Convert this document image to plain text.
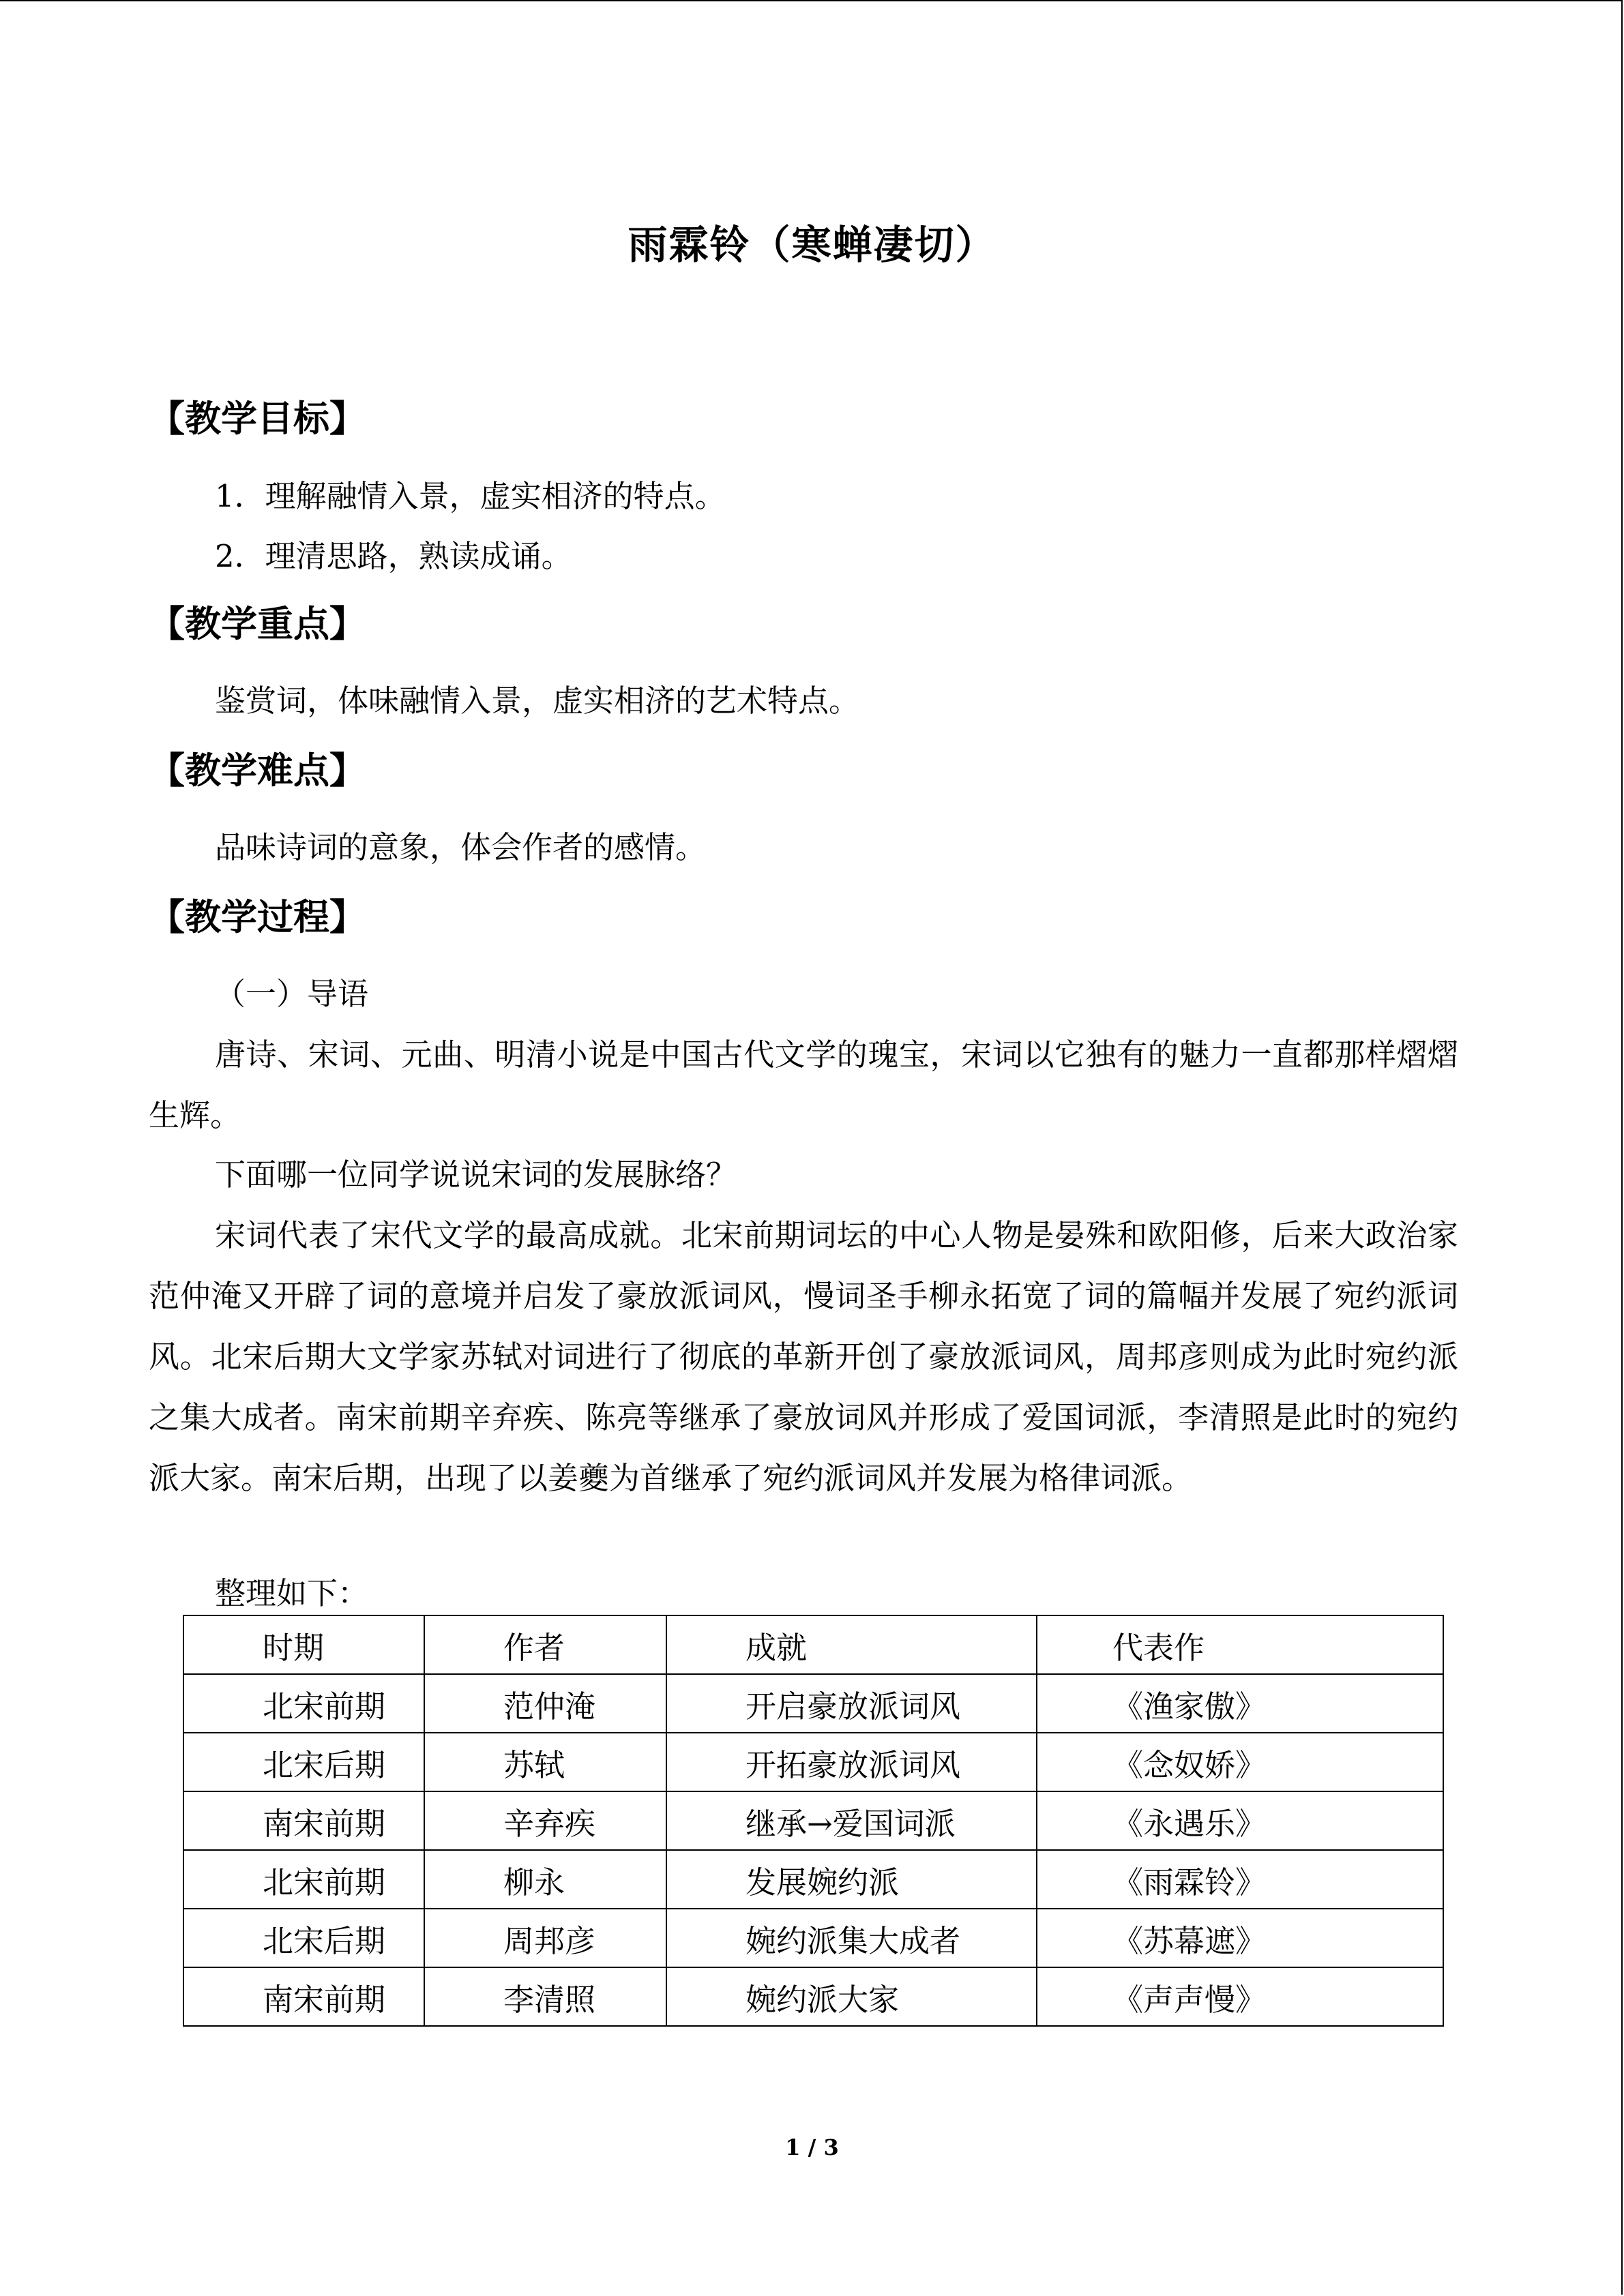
雨霖铃（寒蝉凄切）
【教学目标】
1．理解融情入景，虚实相济的特点。
2．理清思路，熟读成诵。
【教学重点】
鉴赏词，体味融情入景，虚实相济的艺术特点。
【教学难点】
品味诗词的意象，体会作者的感情。
【教学过程】
（一）导语
唐诗、宋词、元曲、明清小说是中国古代文学的瑰宝，宋词以它独有的魅力一直都那样熠熠生辉。
下面哪一位同学说说宋词的发展脉络？
宋词代表了宋代文学的最高成就。北宋前期词坛的中心人物是晏殊和欧阳修，后来大政治家范仲淹又开辟了词的意境并启发了豪放派词风，慢词圣手柳永拓宽了词的篇幅并发展了宛约派词风。北宋后期大文学家苏轼对词进行了彻底的革新开创了豪放派词风，周邦彦则成为此时宛约派之集大成者。南宋前期辛弃疾、陈亮等继承了豪放词风并形成了爱国词派，李清照是此时的宛约派大家。南宋后期，出现了以姜夔为首继承了宛约派词风并发展为格律词派。
整理如下：
时期	作者	成就	代表作
北宋前期	范仲淹	开启豪放派词风	《渔家傲》
北宋后期	苏轼	开拓豪放派词风	《念奴娇》
南宋前期	辛弃疾	继承→爱国词派	《永遇乐》
北宋前期	柳永	发展婉约派	《雨霖铃》
北宋后期	周邦彦	婉约派集大成者	《苏幕遮》
南宋前期	李清照	婉约派大家	《声声慢》
1 / 3
